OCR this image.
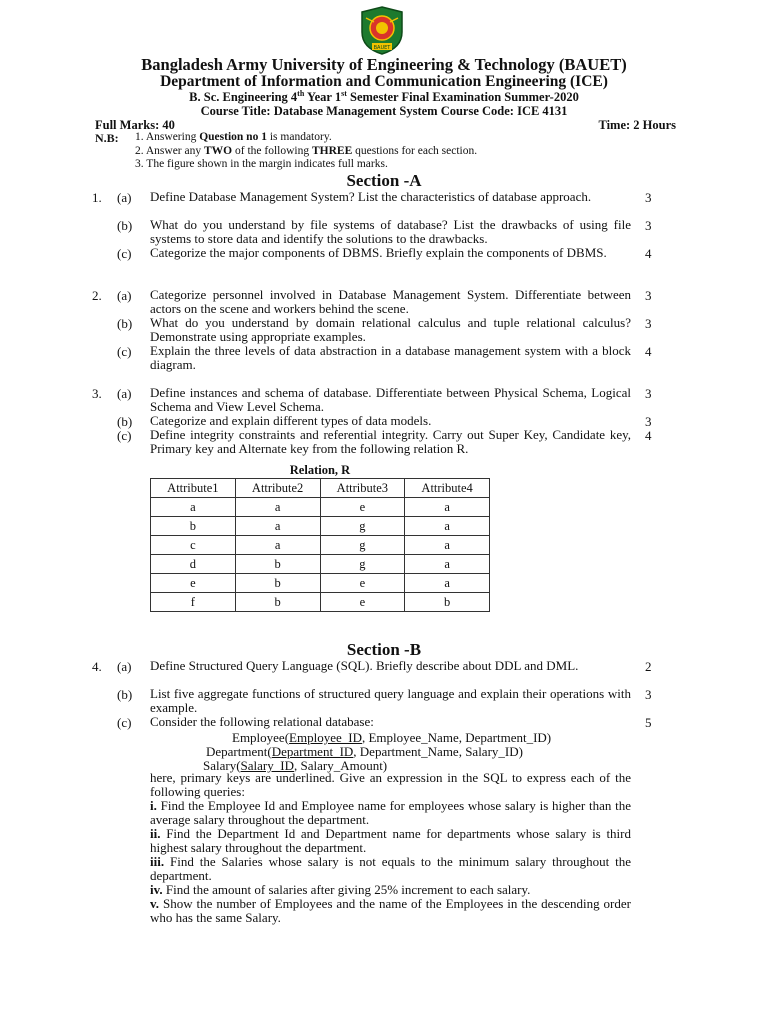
BAUET
Bangladesh Army University of Engineering & Technology (BAUET)
Department of Information and Communication Engineering (ICE)
B. Sc. Engineering 4th Year 1st Semester Final Examination Summer-2020
Course Title: Database Management System Course Code: ICE 4131
Full Marks: 40	Time: 2 Hours
N.B: 1. Answering Question no 1 is mandatory.
2. Answer any TWO of the following THREE questions for each section.
3. The figure shown in the margin indicates full marks.
Section -A
1. (a) Define Database Management System? List the characteristics of database approach.	3
(b) What do you understand by file systems of database? List the drawbacks of using file systems to store data and identify the solutions to the drawbacks.
3
(c) Categorize the major components of DBMS. Briefly explain the components of DBMS.	4
2. (a) Categorize personnel involved in Database Management System. Differentiate between actors on the scene and workers behind the scene.
3
(b) What do you understand by domain relational calculus and tuple relational calculus? Demonstrate using appropriate examples.
3
(c) Explain the three levels of data abstraction in a database management system with a block diagram.
4
3. (a) Define instances and schema of database. Differentiate between Physical Schema, Logical Schema and View Level Schema.
3
(b) Categorize and explain different types of data models.	3
(c) Define integrity constraints and referential integrity. Carry out Super Key, Candidate key, Primary key and Alternate key from the following relation R.
4
Relation, R
Attribute1	Attribute2	Attribute3	Attribute4
a	a	e	a
b	a	g	a
c	a	g	a
d	b	g	a
e	b	e	a
f	b	e	b
Section -B
4. (a) Define Structured Query Language (SQL). Briefly describe about DDL and DML.	2
(b) List five aggregate functions of structured query language and explain their operations with example.
3
(c) Consider the following relational database:	5
Employee(Employee_ID, Employee_Name, Department_ID)
Department(Department_ID, Department_Name, Salary_ID)
Salary(Salary_ID, Salary_Amount)
here, primary keys are underlined. Give an expression in the SQL to express each of the following queries:
i. Find the Employee Id and Employee name for employees whose salary is higher than the average salary throughout the department.
ii. Find the Department Id and Department name for departments whose salary is third highest salary throughout the department.
iii. Find the Salaries whose salary is not equals to the minimum salary throughout the department.
iv. Find the amount of salaries after giving 25% increment to each salary.
v. Show the number of Employees and the name of the Employees in the descending order who has the same Salary.
